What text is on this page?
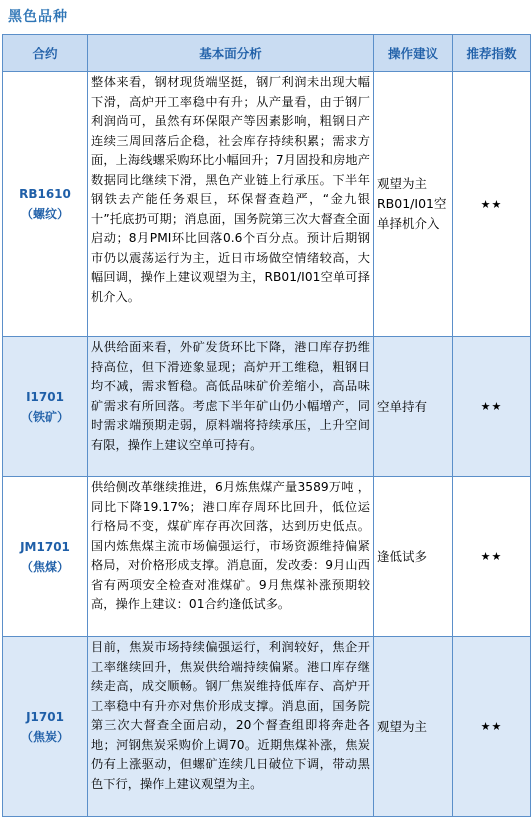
黑色品种
合约	基本面分析	操作建议	推荐指数

RB1610
（螺纹）	整体来看，钢材现货端坚挺，钢厂利润未出现大幅下滑，高炉开工率稳中有升；从产量看，由于钢厂利润尚可，虽然有环保限产等因素影响，粗钢日产连续三周回落后企稳，社会库存持续积累；需求方面，上海线螺采购环比小幅回升；7月固投和房地产数据同比继续下滑，黑色产业链上行承压。下半年钢铁去产能任务艰巨，环保督查趋严，“金九银十”托底扔可期；消息面，国务院第三次大督查全面启动；8月PMI环比回落0.6个百分点。预计后期钢市仍以震荡运行为主，近日市场做空情绪较高，大幅回调，操作上建议观望为主，RB01/I01空单可择机介入。	观望为主RB01/I01空单择机介入	★★

I1701
（铁矿）	从供给面来看，外矿发货环比下降，港口库存扔维持高位，但下滑迹象显现；高炉开工维稳，粗钢日均不减，需求暂稳。高低品味矿价差缩小，高品味矿需求有所回落。考虑下半年矿山仍小幅增产，同时需求端预期走弱，原料端将持续承压，上升空间有限，操作上建议空单可持有。	空单持有	★★

JM1701
（焦煤）	供给侧改革继续推进，6月炼焦煤产量3589万吨 ，同比下降19.17%；港口库存周环比回升，低位运行格局不变，煤矿库存再次回落，达到历史低点。国内炼焦煤主流市场偏强运行，市场资源维持偏紧格局，对价格形成支撑。消息面，发改委：9月山西省有两项安全检查对准煤矿。9月焦煤补涨预期较高，操作上建议：01合约逢低试多。	逢低试多	★★

J1701
（焦炭）	目前，焦炭市场持续偏强运行，利润较好，焦企开工率继续回升，焦炭供给端持续偏紧。港口库存继续走高，成交顺畅。钢厂焦炭维持低库存、高炉开工率稳中有升亦对焦价形成支撑。消息面，国务院第三次大督查全面启动，20个督查组即将奔赴各地；河钢焦炭采购价上调70。近期焦煤补涨，焦炭仍有上涨驱动，但螺矿连续几日破位下调，带动黑色下行，操作上建议观望为主。	观望为主	★★
